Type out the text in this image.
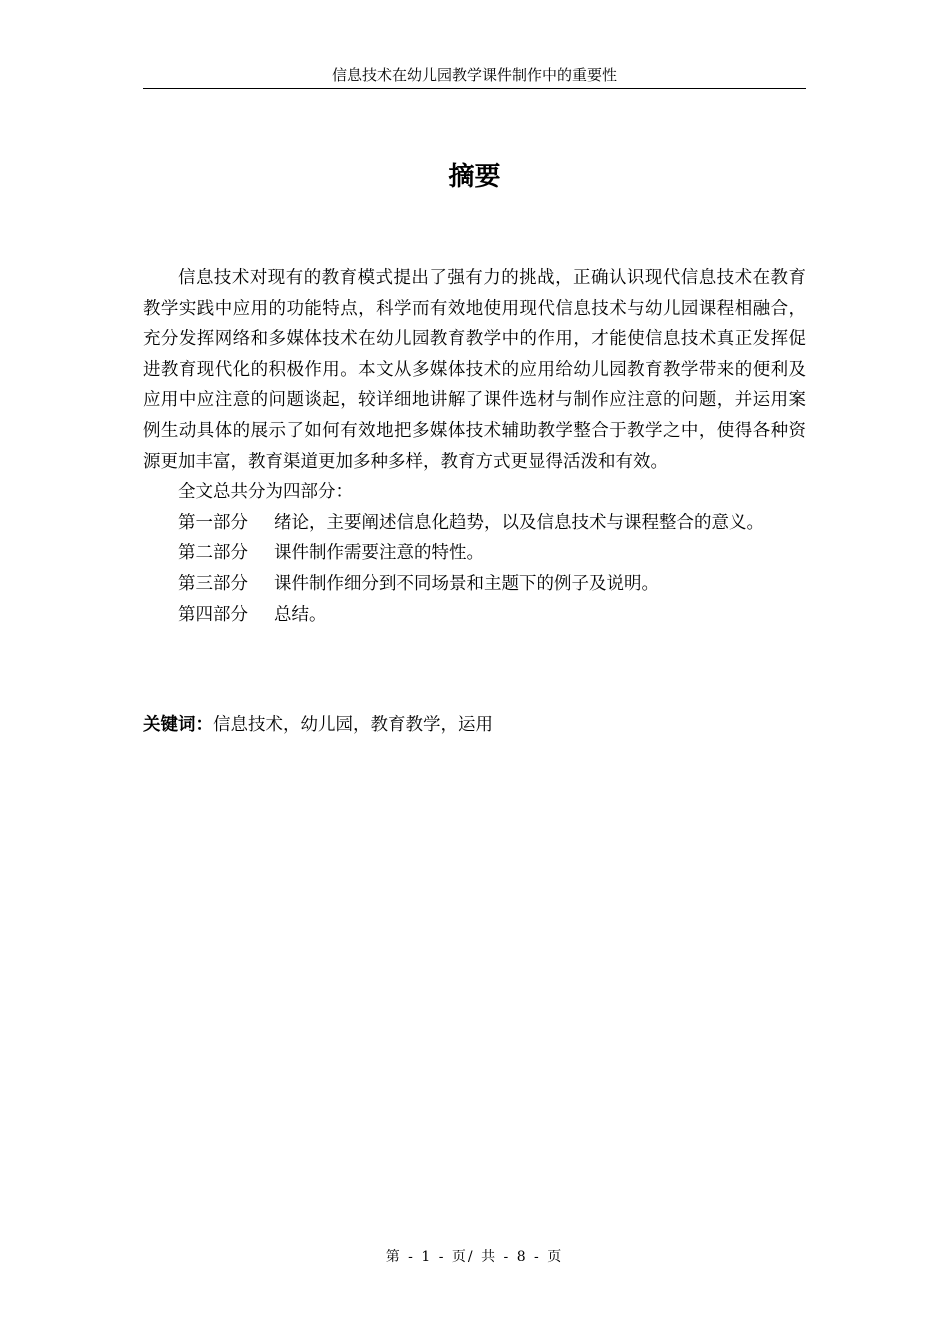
信息技术在幼儿园教学课件制作中的重要性
摘要

信息技术对现有的教育模式提出了强有力的挑战，正确认识现代信息技术在教育教学实践中应用的功能特点，科学而有效地使用现代信息技术与幼儿园课程相融合，充分发挥网络和多媒体技术在幼儿园教育教学中的作用，才能使信息技术真正发挥促进教育现代化的积极作用。本文从多媒体技术的应用给幼儿园教育教学带来的便利及应用中应注意的问题谈起，较详细地讲解了课件选材与制作应注意的问题，并运用案例生动具体的展示了如何有效地把多媒体技术辅助教学整合于教学之中，使得各种资源更加丰富，教育渠道更加多种多样，教育方式更显得活泼和有效。

全文总共分为四部分：

第一部分 绪论，主要阐述信息化趋势，以及信息技术与课程整合的意义。
第二部分 课件制作需要注意的特性。
第三部分 课件制作细分到不同场景和主题下的例子及说明。
第四部分 总结。
关键词：信息技术，幼儿园，教育教学，运用
第 - 1 - 页/ 共 - 8 - 页
